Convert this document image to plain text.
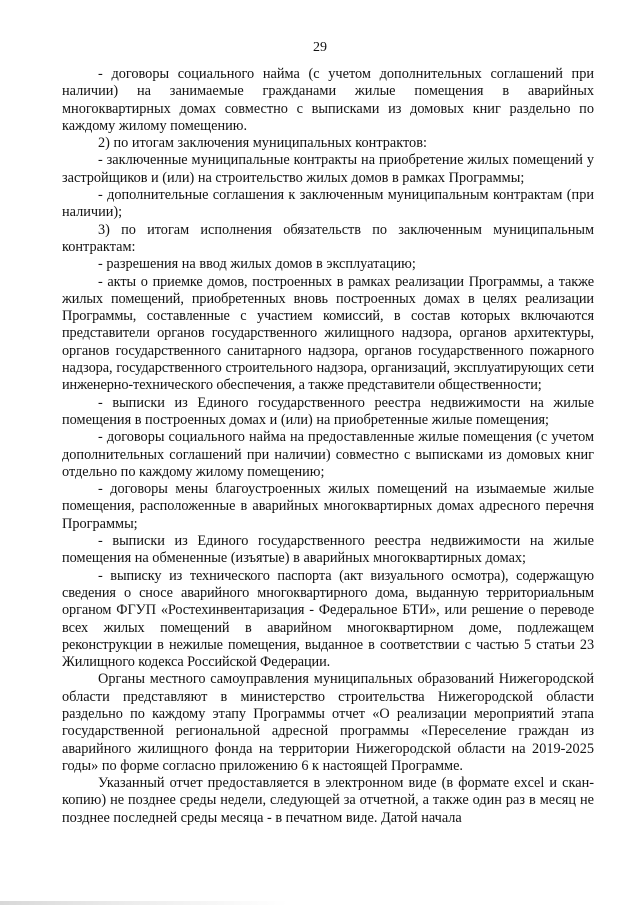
29

- договоры социального найма (с учетом дополнительных соглашений при наличии) на занимаемые гражданами жилые помещения в аварийных многоквартирных домах совместно с выписками из домовых книг раздельно по каждому жилому помещению.

2) по итогам заключения муниципальных контрактов:

- заключенные муниципальные контракты на приобретение жилых помещений у застройщиков и (или) на строительство жилых домов в рамках Программы;

- дополнительные соглашения к заключенным муниципальным контрактам (при наличии);

3) по итогам исполнения обязательств по заключенным муниципальным контрактам:

- разрешения на ввод жилых домов в эксплуатацию;

- акты о приемке домов, построенных в рамках реализации Программы, а также жилых помещений, приобретенных вновь построенных домах в целях реализации Программы, составленные с участием комиссий, в состав которых включаются представители органов государственного жилищного надзора, органов архитектуры, органов государственного санитарного надзора, органов государственного пожарного надзора, государственного строительного надзора, организаций, эксплуатирующих сети инженерно-технического обеспечения, а также представители общественности;

- выписки из Единого государственного реестра недвижимости на жилые помещения в построенных домах и (или) на приобретенные жилые помещения;

- договоры социального найма на предоставленные жилые помещения (с учетом дополнительных соглашений при наличии) совместно с выписками из домовых книг отдельно по каждому жилому помещению;

- договоры мены благоустроенных жилых помещений на изымаемые жилые помещения, расположенные в аварийных многоквартирных домах адресного перечня Программы;

- выписки из Единого государственного реестра недвижимости на жилые помещения на обмененные (изъятые) в аварийных многоквартирных домах;

- выписку из технического паспорта (акт визуального осмотра), содержащую сведения о сносе аварийного многоквартирного дома, выданную территориальным органом ФГУП «Ростехинвентаризация - Федеральное БТИ», или решение о переводе всех жилых помещений в аварийном многоквартирном доме, подлежащем реконструкции в нежилые помещения, выданное в соответствии с частью 5 статьи 23 Жилищного кодекса Российской Федерации.

Органы местного самоуправления муниципальных образований Нижегородской области представляют в министерство строительства Нижегородской области раздельно по каждому этапу Программы отчет «О реализации мероприятий этапа государственной региональной адресной программы «Переселение граждан из аварийного жилищного фонда на территории Нижегородской области на 2019-2025 годы» по форме согласно приложению 6 к настоящей Программе.

Указанный отчет предоставляется в электронном виде (в формате excel и скан-копию) не позднее среды недели, следующей за отчетной, а также один раз в месяц не позднее последней среды месяца - в печатном виде. Датой начала
